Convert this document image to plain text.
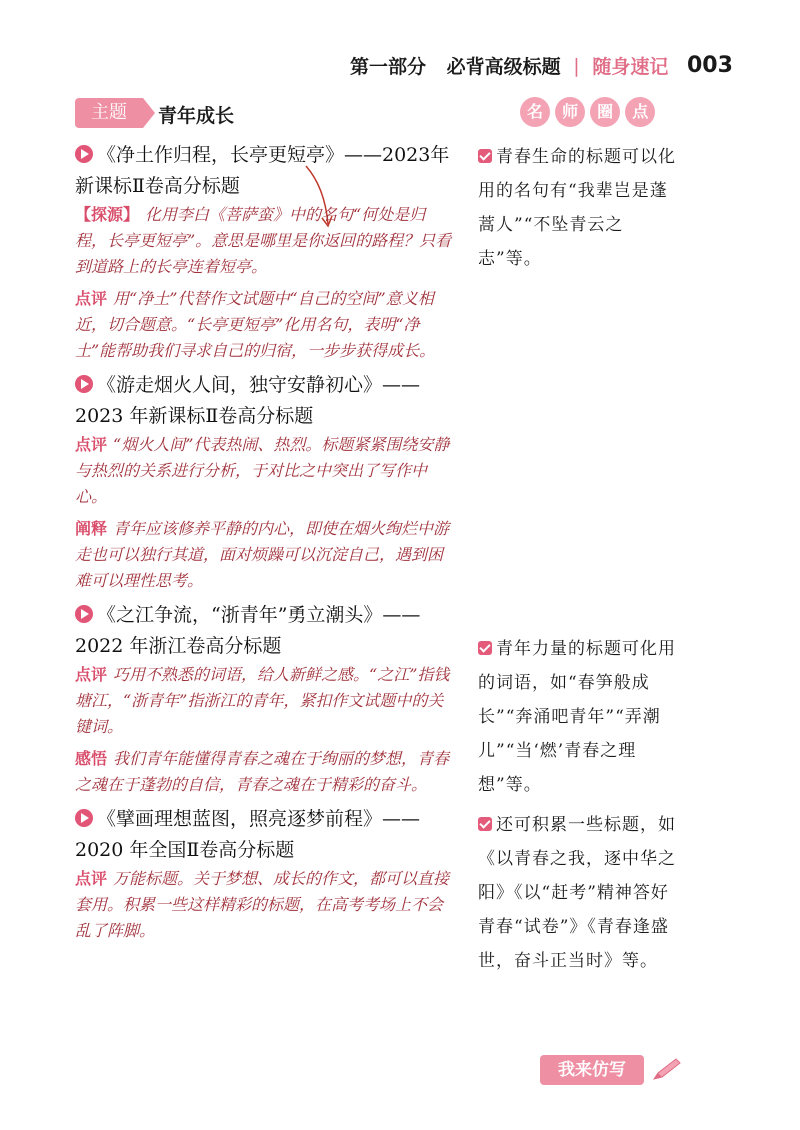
第一部分 必背高级标题 | 随身速记 003
主题	青年成长	名 师 圈 点

《净土作归程，长亭更短亭》——2023年新课标Ⅱ卷高分标题

【探源】 化用李白《菩萨蛮》中的名句“何处是归程，长亭更短亭”。意思是哪里是你返回的路程？只看到道路上的长亭连着短亭。

点评 用“净土”代替作文试题中“自己的空间”意义相近，切合题意。“长亭更短亭”化用名句，表明“净土”能帮助我们寻求自己的归宿，一步步获得成长。

《游走烟火人间，独守安静初心》——2023 年新课标Ⅱ卷高分标题

点评 “烟火人间”代表热闹、热烈。标题紧紧围绕安静与热烈的关系进行分析，于对比之中突出了写作中心。

阐释 青年应该修养平静的内心，即使在烟火绚烂中游走也可以独行其道，面对烦躁可以沉淀自己，遇到困难可以理性思考。

《之江争流，“浙青年”勇立潮头》——2022 年浙江卷高分标题

点评 巧用不熟悉的词语，给人新鲜之感。“之江”指钱塘江，“浙青年”指浙江的青年，紧扣作文试题中的关键词。

感悟 我们青年能懂得青春之魂在于绚丽的梦想，青春之魂在于蓬勃的自信，青春之魂在于精彩的奋斗。

《擘画理想蓝图，照亮逐梦前程》——2020 年全国Ⅱ卷高分标题

点评 万能标题。关于梦想、成长的作文，都可以直接套用。积累一些这样精彩的标题，在高考考场上不会乱了阵脚。

青春生命的标题可以化用的名句有“我辈岂是蓬蒿人”“不坠青云之志”等。

青年力量的标题可化用的词语，如“春笋般成长”“奔涌吧青年”“弄潮儿”“当‘燃’青春之理想”等。

还可积累一些标题，如《以青春之我，逐中华之阳》《以“赶考”精神答好青春“试卷”》《青春逢盛世，奋斗正当时》等。

我来仿写
